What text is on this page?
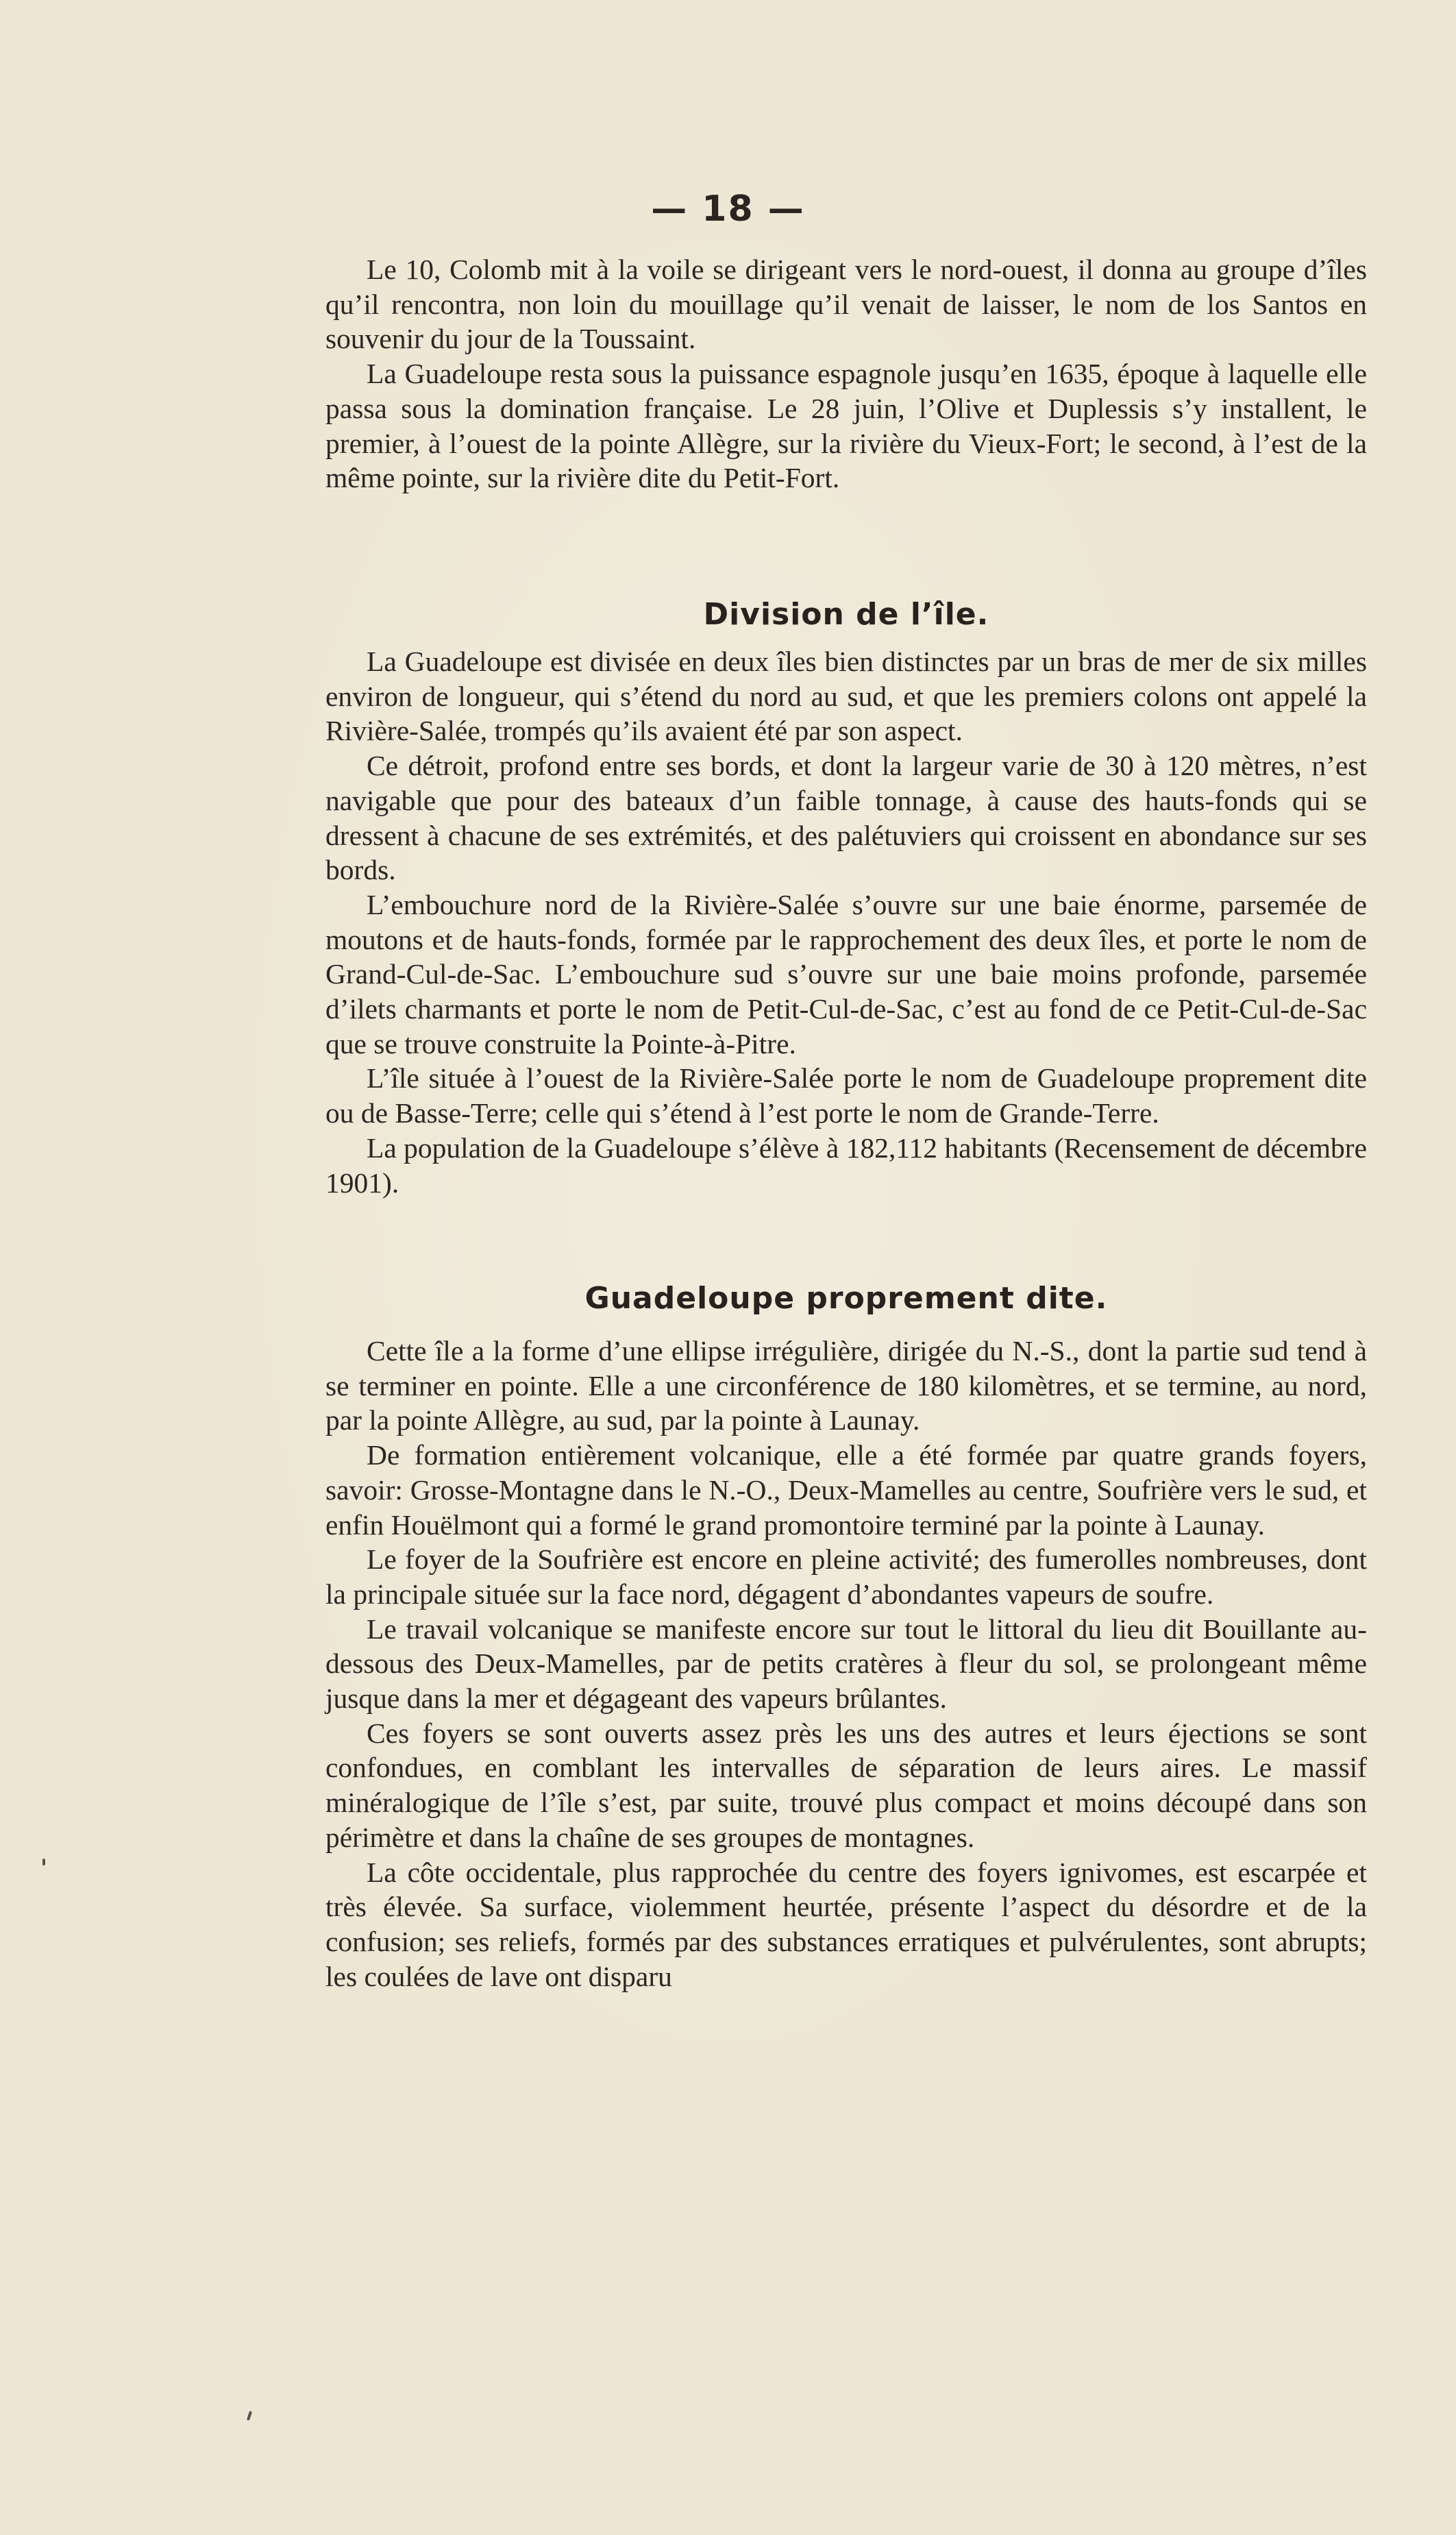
— 18 —

Le 10, Colomb mit à la voile se dirigeant vers le nord-ouest, il donna au groupe d’îles qu’il rencontra, non loin du mouillage qu’il venait de laisser, le nom de los Santos en souvenir du jour de la Toussaint.

La Guadeloupe resta sous la puissance espagnole jusqu’en 1635, époque à laquelle elle passa sous la domination française. Le 28 juin, l’Olive et Duplessis s’y installent, le premier, à l’ouest de la pointe Allègre, sur la rivière du Vieux-Fort; le second, à l’est de la même pointe, sur la rivière dite du Petit-Fort.

Division de l’île.

La Guadeloupe est divisée en deux îles bien distinctes par un bras de mer de six milles environ de longueur, qui s’étend du nord au sud, et que les premiers colons ont appelé la Rivière-Salée, trompés qu’ils avaient été par son aspect.

Ce détroit, profond entre ses bords, et dont la largeur varie de 30 à 120 mètres, n’est navigable que pour des bateaux d’un faible tonnage, à cause des hauts-fonds qui se dressent à chacune de ses extrémités, et des palétuviers qui croissent en abondance sur ses bords.

L’embouchure nord de la Rivière-Salée s’ouvre sur une baie énorme, parsemée de moutons et de hauts-fonds, formée par le rapprochement des deux îles, et porte le nom de Grand-Cul-de-Sac. L’embouchure sud s’ouvre sur une baie moins profonde, parsemée d’ilets charmants et porte le nom de Petit-Cul-de-Sac, c’est au fond de ce Petit-Cul-de-Sac que se trouve construite la Pointe-à-Pitre.

L’île située à l’ouest de la Rivière-Salée porte le nom de Guadeloupe proprement dite ou de Basse-Terre; celle qui s’étend à l’est porte le nom de Grande-Terre.

La population de la Guadeloupe s’élève à 182,112 habitants (Recensement de décembre 1901).

Guadeloupe proprement dite.

Cette île a la forme d’une ellipse irrégulière, dirigée du N.-S., dont la partie sud tend à se terminer en pointe. Elle a une circonférence de 180 kilomètres, et se termine, au nord, par la pointe Allègre, au sud, par la pointe à Launay.

De formation entièrement volcanique, elle a été formée par quatre grands foyers, savoir: Grosse-Montagne dans le N.-O., Deux-Mamelles au centre, Soufrière vers le sud, et enfin Houëlmont qui a formé le grand promontoire terminé par la pointe à Launay.

Le foyer de la Soufrière est encore en pleine activité; des fumerolles nombreuses, dont la principale située sur la face nord, dégagent d’abondantes vapeurs de soufre.

Le travail volcanique se manifeste encore sur tout le littoral du lieu dit Bouillante au-dessous des Deux-Mamelles, par de petits cratères à fleur du sol, se prolongeant même jusque dans la mer et dégageant des vapeurs brûlantes.

Ces foyers se sont ouverts assez près les uns des autres et leurs éjections se sont confondues, en comblant les intervalles de séparation de leurs aires. Le massif minéralogique de l’île s’est, par suite, trouvé plus compact et moins découpé dans son périmètre et dans la chaîne de ses groupes de montagnes.

La côte occidentale, plus rapprochée du centre des foyers ignivomes, est escarpée et très élevée. Sa surface, violemment heurtée, présente l’aspect du désordre et de la confusion; ses reliefs, formés par des substances erratiques et pulvérulentes, sont abrupts; les coulées de lave ont disparu
